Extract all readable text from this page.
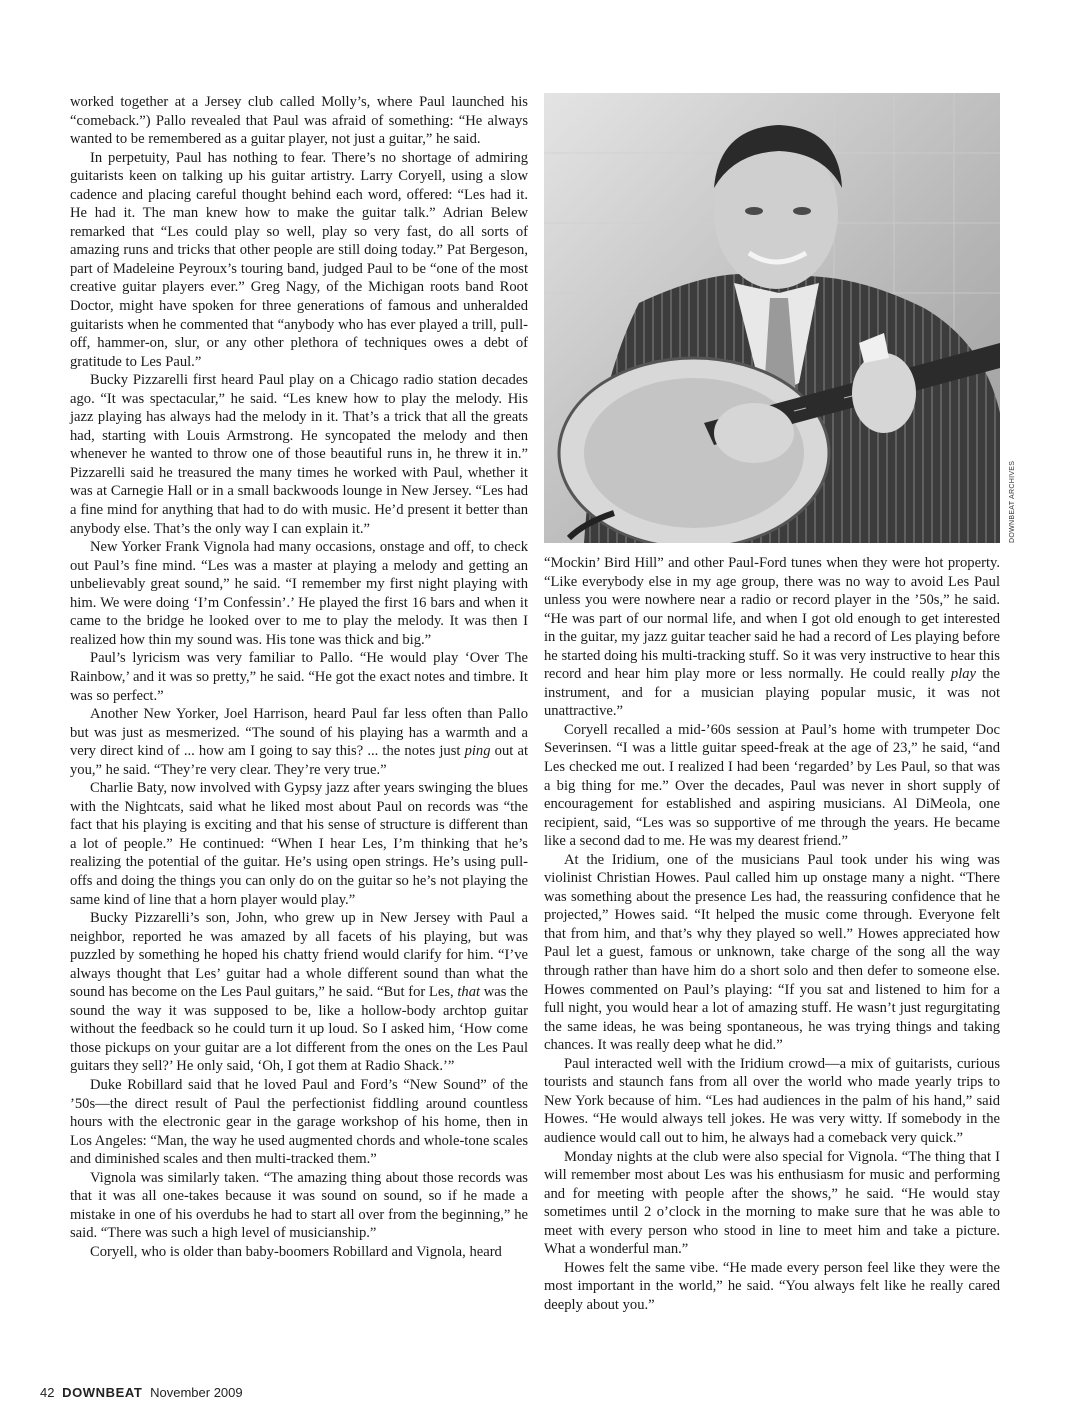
worked together at a Jersey club called Molly’s, where Paul launched his “comeback.”) Pallo revealed that Paul was afraid of something: “He always wanted to be remembered as a guitar player, not just a guitar,” he said.

In perpetuity, Paul has nothing to fear. There’s no shortage of admiring guitarists keen on talking up his guitar artistry. Larry Coryell, using a slow cadence and placing careful thought behind each word, offered: “Les had it. He had it. The man knew how to make the guitar talk.” Adrian Belew remarked that “Les could play so well, play so very fast, do all sorts of amazing runs and tricks that other people are still doing today.” Pat Bergeson, part of Madeleine Peyroux’s touring band, judged Paul to be “one of the most creative guitar players ever.” Greg Nagy, of the Michigan roots band Root Doctor, might have spoken for three generations of famous and unheralded guitarists when he commented that “anybody who has ever played a trill, pull-off, hammer-on, slur, or any other plethora of techniques owes a debt of gratitude to Les Paul.”

Bucky Pizzarelli first heard Paul play on a Chicago radio station decades ago. “It was spectacular,” he said. “Les knew how to play the melody. His jazz playing has always had the melody in it. That’s a trick that all the greats had, starting with Louis Armstrong. He syncopated the melody and then whenever he wanted to throw one of those beautiful runs in, he threw it in.” Pizzarelli said he treasured the many times he worked with Paul, whether it was at Carnegie Hall or in a small backwoods lounge in New Jersey. “Les had a fine mind for anything that had to do with music. He’d present it better than anybody else. That’s the only way I can explain it.”

New Yorker Frank Vignola had many occasions, onstage and off, to check out Paul’s fine mind. “Les was a master at playing a melody and getting an unbelievably great sound,” he said. “I remember my first night playing with him. We were doing ‘I’m Confessin’.’ He played the first 16 bars and when it came to the bridge he looked over to me to play the melody. It was then I realized how thin my sound was. His tone was thick and big.”

Paul’s lyricism was very familiar to Pallo. “He would play ‘Over The Rainbow,’ and it was so pretty,” he said. “He got the exact notes and timbre. It was so perfect.”

Another New Yorker, Joel Harrison, heard Paul far less often than Pallo but was just as mesmerized. “The sound of his playing has a warmth and a very direct kind of ... how am I going to say this? ... the notes just ping out at you,” he said. “They’re very clear. They’re very true.”

Charlie Baty, now involved with Gypsy jazz after years swinging the blues with the Nightcats, said what he liked most about Paul on records was “the fact that his playing is exciting and that his sense of structure is different than a lot of people.” He continued: “When I hear Les, I’m thinking that he’s realizing the potential of the guitar. He’s using open strings. He’s using pull-offs and doing the things you can only do on the guitar so he’s not playing the same kind of line that a horn player would play.”

Bucky Pizzarelli’s son, John, who grew up in New Jersey with Paul a neighbor, reported he was amazed by all facets of his playing, but was puzzled by something he hoped his chatty friend would clarify for him. “I’ve always thought that Les’ guitar had a whole different sound than what the sound has become on the Les Paul guitars,” he said. “But for Les, that was the sound the way it was supposed to be, like a hollow-body archtop guitar without the feedback so he could turn it up loud. So I asked him, ‘How come those pickups on your guitar are a lot different from the ones on the Les Paul guitars they sell?’ He only said, ‘Oh, I got them at Radio Shack.’”

Duke Robillard said that he loved Paul and Ford’s “New Sound” of the ’50s—the direct result of Paul the perfectionist fiddling around countless hours with the electronic gear in the garage workshop of his home, then in Los Angeles: “Man, the way he used augmented chords and whole-tone scales and diminished scales and then multi-tracked them.”

Vignola was similarly taken. “The amazing thing about those records was that it was all one-takes because it was sound on sound, so if he made a mistake in one of his overdubs he had to start all over from the beginning,” he said. “There was such a high level of musicianship.”

Coryell, who is older than baby-boomers Robillard and Vignola, heard

DOWNBEAT ARCHIVES

“Mockin’ Bird Hill” and other Paul-Ford tunes when they were hot property. “Like everybody else in my age group, there was no way to avoid Les Paul unless you were nowhere near a radio or record player in the ’50s,” he said. “He was part of our normal life, and when I got old enough to get interested in the guitar, my jazz guitar teacher said he had a record of Les playing before he started doing his multi-tracking stuff. So it was very instructive to hear this record and hear him play more or less normally. He could really play the instrument, and for a musician playing popular music, it was not unattractive.”

Coryell recalled a mid-’60s session at Paul’s home with trumpeter Doc Severinsen. “I was a little guitar speed-freak at the age of 23,” he said, “and Les checked me out. I realized I had been ‘regarded’ by Les Paul, so that was a big thing for me.” Over the decades, Paul was never in short supply of encouragement for established and aspiring musicians. Al DiMeola, one recipient, said, “Les was so supportive of me through the years. He became like a second dad to me. He was my dearest friend.”

At the Iridium, one of the musicians Paul took under his wing was violinist Christian Howes. Paul called him up onstage many a night. “There was something about the presence Les had, the reassuring confidence that he projected,” Howes said. “It helped the music come through. Everyone felt that from him, and that’s why they played so well.” Howes appreciated how Paul let a guest, famous or unknown, take charge of the song all the way through rather than have him do a short solo and then defer to someone else. Howes commented on Paul’s playing: “If you sat and listened to him for a full night, you would hear a lot of amazing stuff. He wasn’t just regurgitating the same ideas, he was being spontaneous, he was trying things and taking chances. It was really deep what he did.”

Paul interacted well with the Iridium crowd—a mix of guitarists, curious tourists and staunch fans from all over the world who made yearly trips to New York because of him. “Les had audiences in the palm of his hand,” said Howes. “He would always tell jokes. He was very witty. If somebody in the audience would call out to him, he always had a comeback very quick.”

Monday nights at the club were also special for Vignola. “The thing that I will remember most about Les was his enthusiasm for music and performing and for meeting with people after the shows,” he said. “He would stay sometimes until 2 o’clock in the morning to make sure that he was able to meet with every person who stood in line to meet him and take a picture. What a wonderful man.”

Howes felt the same vibe. “He made every person feel like they were the most important in the world,” he said. “You always felt like he really cared deeply about you.”

42 DOWNBEAT November 2009
